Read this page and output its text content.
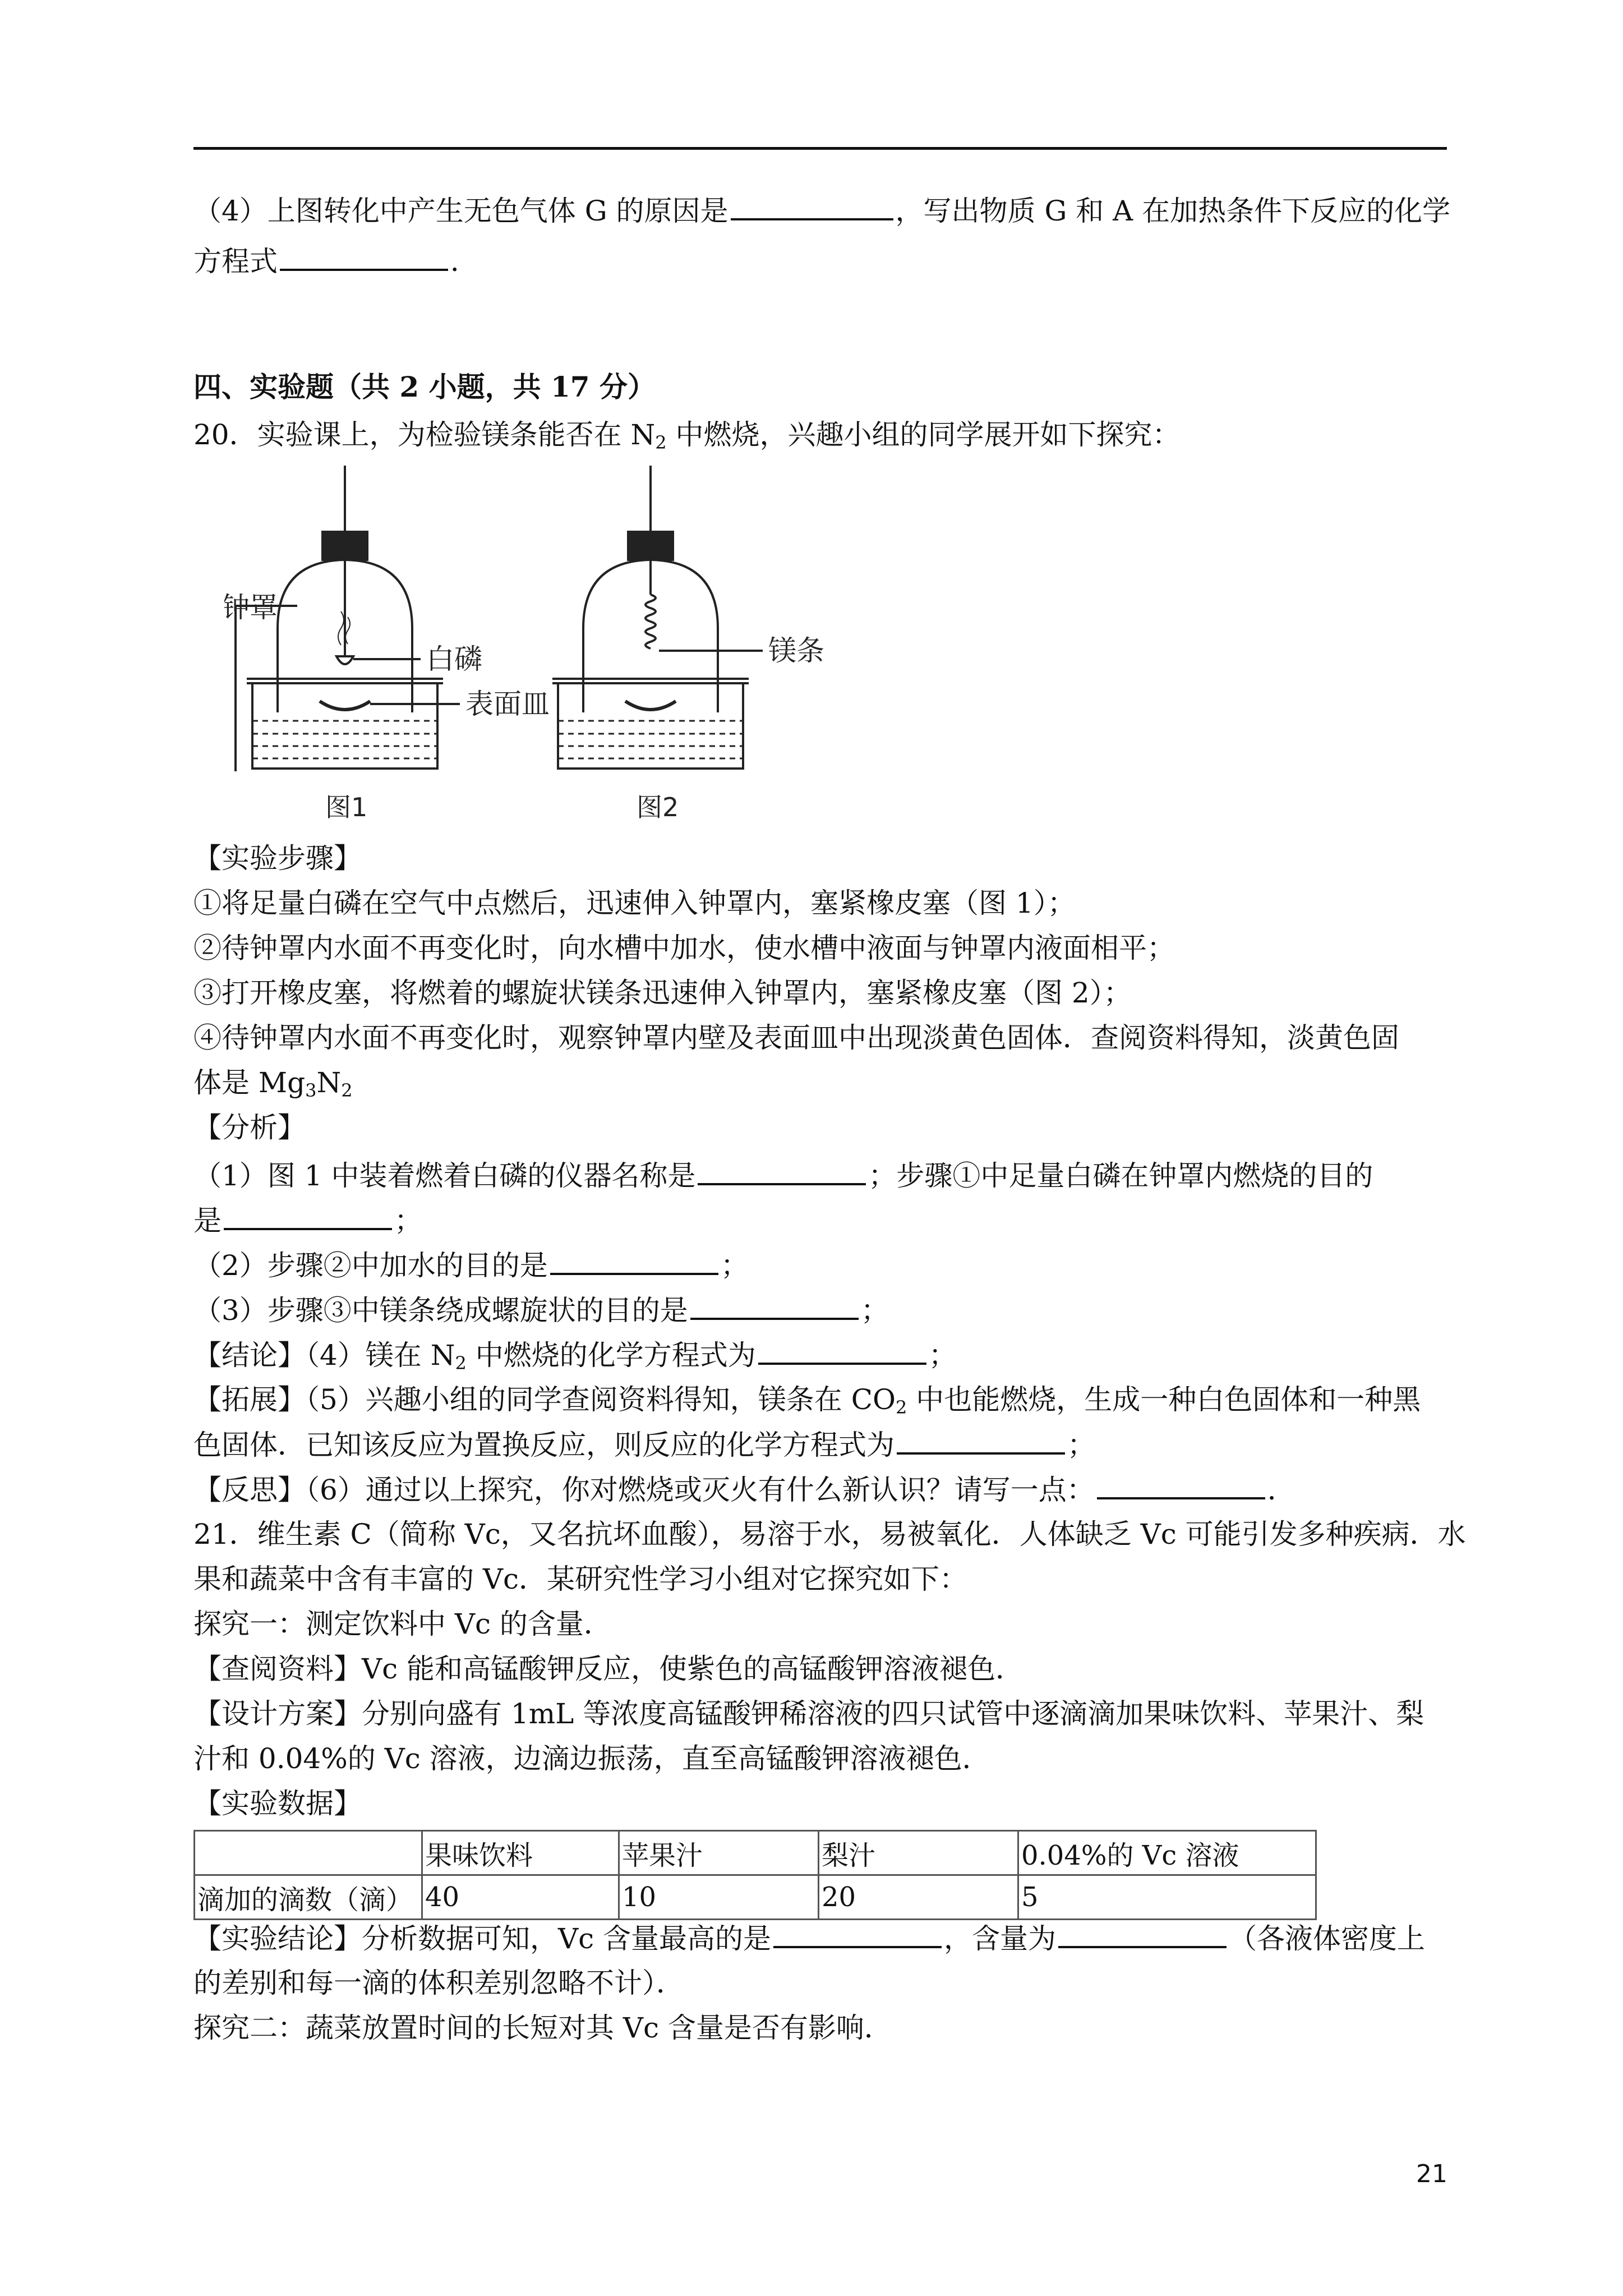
（4）上图转化中产生无色气体 G 的原因是	，写出物质 G 和 A 在加热条件下反应的化学
方程式	．
四、实验题（共 2 小题，共 17 分）
20．实验课上，为检验镁条能否在 $N_2$ 中燃烧，兴趣小组的同学展开如下探究：
钟罩
白磷
表面皿
镁条
图1	图2
【实验步骤】
①将足量白磷在空气中点燃后，迅速伸入钟罩内，塞紧橡皮塞（图 1）；
②待钟罩内水面不再变化时，向水槽中加水，使水槽中液面与钟罩内液面相平；
③打开橡皮塞，将燃着的螺旋状镁条迅速伸入钟罩内，塞紧橡皮塞（图 2）；
④待钟罩内水面不再变化时，观察钟罩内壁及表面皿中出现淡黄色固体．查阅资料得知，淡黄色固
体是 $Mg_3N_2$
【分析】
（1）图 1 中装着燃着白磷的仪器名称是	；步骤①中足量白磷在钟罩内燃烧的目的
是	；
（2）步骤②中加水的目的是	；
（3）步骤③中镁条绕成螺旋状的目的是	；
【结论】（4）镁在 $N_2$ 中燃烧的化学方程式为	；
【拓展】（5）兴趣小组的同学查阅资料得知，镁条在 $CO_2$ 中也能燃烧，生成一种白色固体和一种黑
色固体．已知该反应为置换反应，则反应的化学方程式为	；
【反思】（6）通过以上探究，你对燃烧或灭火有什么新认识？请写一点：	．
21．维生素 C（简称 Vc，又名抗坏血酸），易溶于水，易被氧化．人体缺乏 Vc 可能引发多种疾病．水
果和蔬菜中含有丰富的 Vc．某研究性学习小组对它探究如下：
探究一：测定饮料中 Vc 的含量．
【查阅资料】Vc 能和高锰酸钾反应，使紫色的高锰酸钾溶液褪色．
【设计方案】分别向盛有 1mL 等浓度高锰酸钾稀溶液的四只试管中逐滴滴加果味饮料、苹果汁、梨
汁和 0.04%的 Vc 溶液，边滴边振荡，直至高锰酸钾溶液褪色．
【实验数据】
	果味饮料	苹果汁	梨汁	0.04%的 Vc 溶液
滴加的滴数（滴）	40	10	20	5
【实验结论】分析数据可知，Vc 含量最高的是	，含量为	（各液体密度上
的差别和每一滴的体积差别忽略不计）．
探究二：蔬菜放置时间的长短对其 Vc 含量是否有影响．
21
